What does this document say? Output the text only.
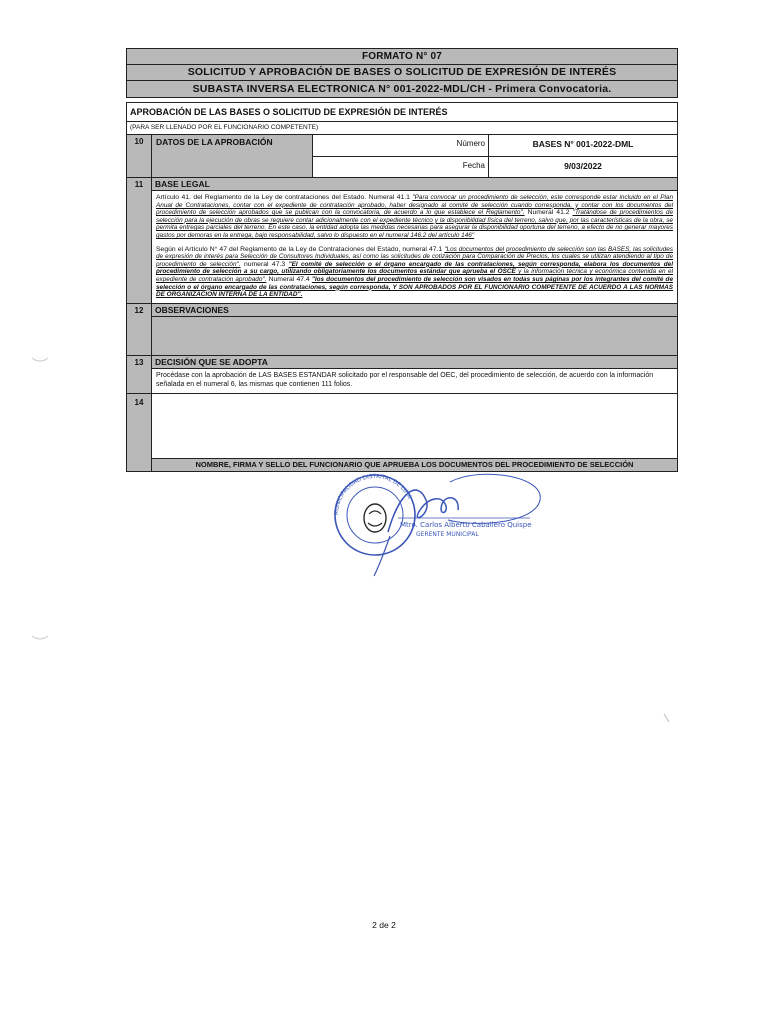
FORMATO N° 07
SOLICITUD Y APROBACIÓN DE BASES O SOLICITUD DE EXPRESIÓN DE INTERÉS
SUBASTA INVERSA ELECTRONICA N° 001-2022-MDL/CH - Primera Convocatoria.
APROBACIÓN DE LAS BASES O SOLICITUD DE EXPRESIÓN DE INTERÉS
(PARA SER LLENADO POR EL FUNCIONARIO COMPETENTE)
10	DATOS DE LA APROBACIÓN	Número	BASES N° 001-2022-DML
Fecha	9/03/2022
11	BASE LEGAL

Artículo 41. del Reglamento de la Ley de contrataciones del Estado. Numeral 41.1 "Para convocar un procedimiento de selección, este corresponde estar incluido en el Plan Anual de Contrataciones, contar con el expediente de contratación aprobado, haber designado al comité de selección cuando corresponda, y contar con los documentos del procedimiento de selección aprobados que se publican con la convocatoria, de acuerdo a lo que establece el Reglamento". Numeral 41.2 "Tratándose de procedimientos de selección para la ejecución de obras se requiere contar adicionalmente con el expediente técnico y la disponibilidad física del terreno, salvo que, por las características de la obra, se permita entregas parciales del terreno. En este caso, la entidad adopta las medidas necesarias para asegurar la disponibilidad oportuna del terreno, a efecto de no generar mayores gastos por demoras en la entrega, bajo responsabilidad, salvo lo dispuesto en el numeral 146.2 del artículo 146"

Según el Artículo N° 47 del Reglamento de la Ley de Contrataciones del Estado, numeral 47.1 "Los documentos del procedimiento de selección son las BASES, las solicitudes de expresión de interés para Selección de Consultores Individuales, así como las solicitudes de cotización para Comparación de Precios, los cuales se utilizan atendiendo al tipo de procedimiento de selección". numeral 47.3 "El comité de selección o el órgano encargado de las contrataciones, según corresponda, elabora los documentos del procedimiento de selección a su cargo, utilizando obligatoriamente los documentos estándar que aprueba el OSCE y la información técnica y económica contenida en el expediente de contratación aprobado". Numeral 47.4 "los documentos del procedimiento de selección son visados en todas sus páginas por los integrantes del comité de selección o el órgano encargado de las contrataciones, según corresponda, Y SON APROBADOS POR EL FUNCIONARIO COMPETENTE DE ACUERDO A LAS NORMAS DE ORGANIZACIÓN INTERNA DE LA ENTIDAD".

12	OBSERVACIONES
13	DECISIÓN QUE SE ADOPTA
Procédase con la aprobación de LAS BASES ESTANDAR solicitado por el responsable del OEC, del procedimiento de selección, de acuerdo con la información señalada en el numeral 6, las mismas que contienen 111 folios.
14
NOMBRE, FIRMA Y SELLO DEL FUNCIONARIO QUE APRUEBA LOS DOCUMENTOS DEL PROCEDIMIENTO DE SELECCIÓN
MUNICIPALIDAD DISTRITAL DE LUYA
Mtro. Carlos Alberto Caballero Quispe
GERENTE MUNICIPAL
2 de 2
